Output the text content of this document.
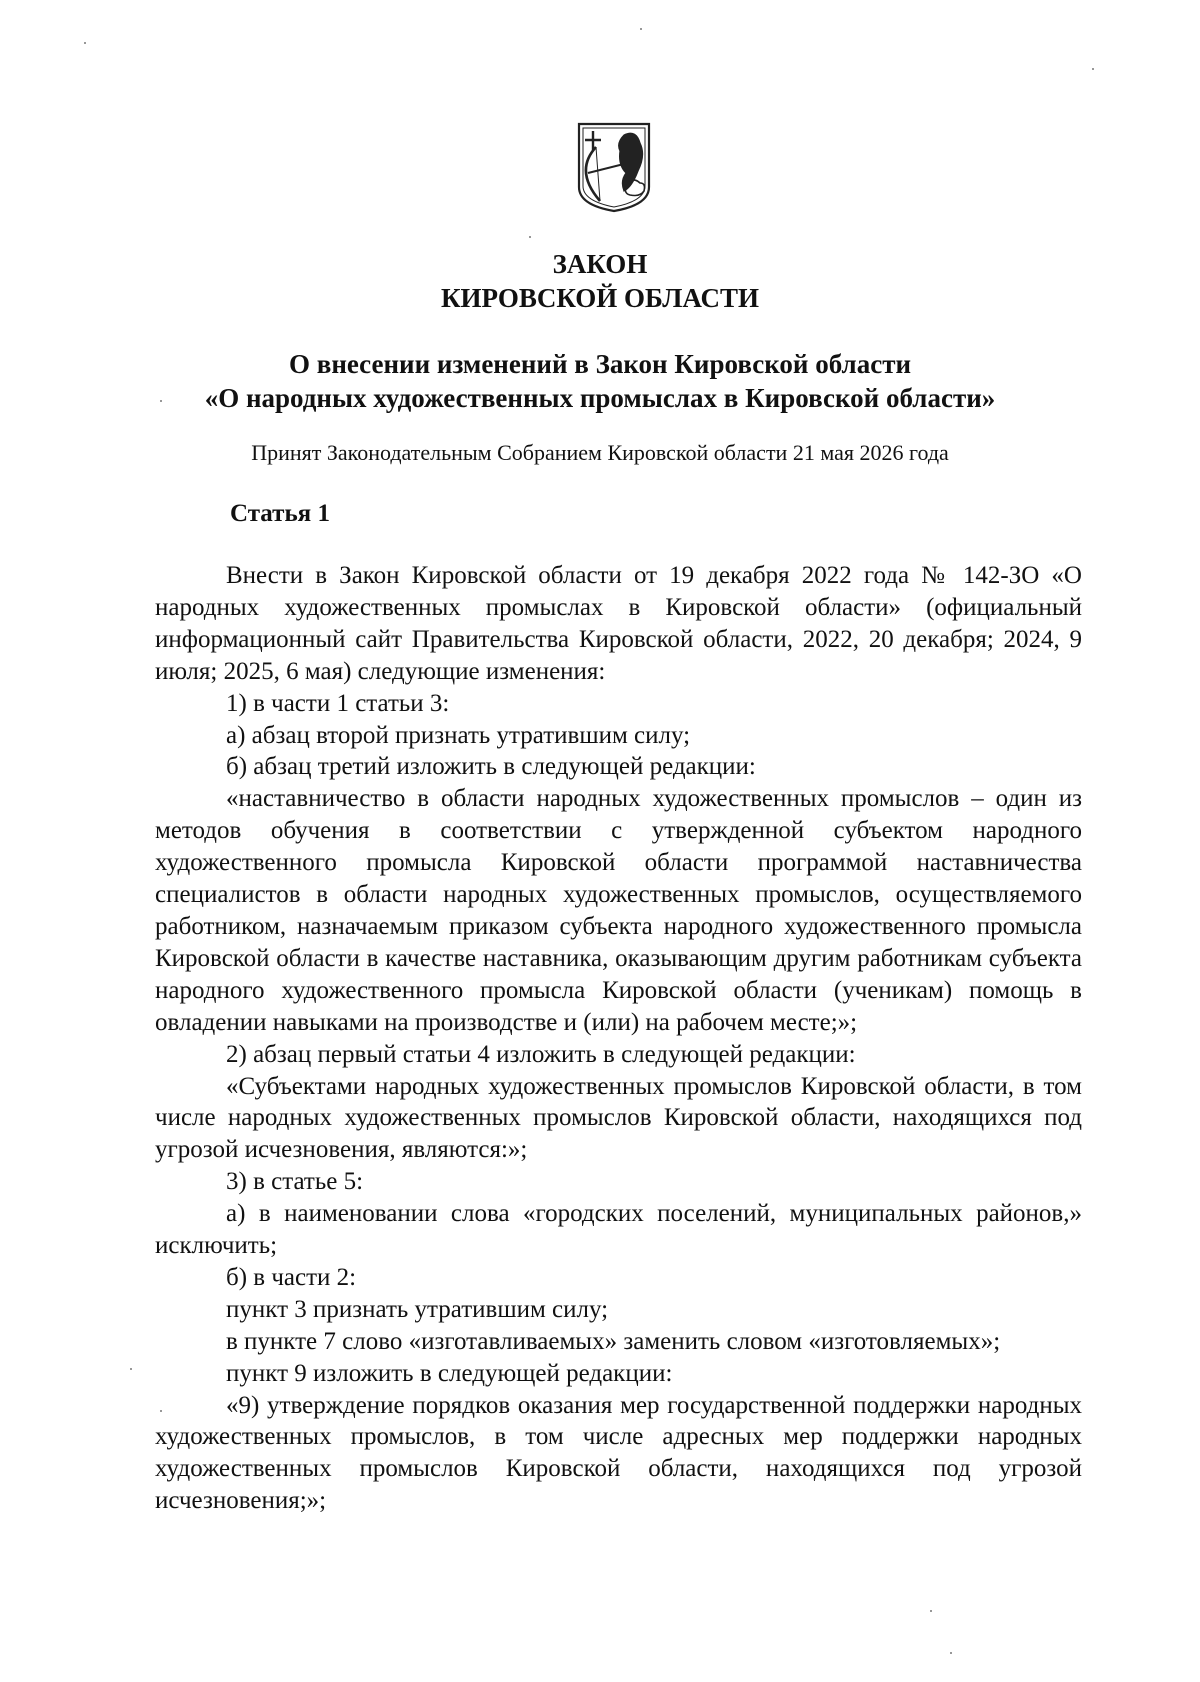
ЗАКОН

КИРОВСКОЙ ОБЛАСТИ

О внесении изменений в Закон Кировской области

«О народных художественных промыслах в Кировской области»

Принят Законодательным Собранием Кировской области 21 мая 2026 года

Статья 1

Внести в Закон Кировской области от 19 декабря 2022 года № 142-ЗО «О народных художественных промыслах в Кировской области» (официальный информационный сайт Правительства Кировской области, 2022, 20 декабря; 2024, 9 июля; 2025, 6 мая) следующие изменения:

1) в части 1 статьи 3:

а) абзац второй признать утратившим силу;

б) абзац третий изложить в следующей редакции:

«наставничество в области народных художественных промыслов – один из методов обучения в соответствии с утвержденной субъектом народного художественного промысла Кировской области программой наставничества специалистов в области народных художественных промыслов, осуществляемого работником, назначаемым приказом субъекта народного художественного промысла Кировской области в качестве наставника, оказывающим другим работникам субъекта народного художественного промысла Кировской области (ученикам) помощь в овладении навыками на производстве и (или) на рабочем месте;»;

2) абзац первый статьи 4 изложить в следующей редакции:

«Субъектами народных художественных промыслов Кировской области, в том числе народных художественных промыслов Кировской области, находящихся под угрозой исчезновения, являются:»;

3) в статье 5:

а) в наименовании слова «городских поселений, муниципальных районов,» исключить;

б) в части 2:

пункт 3 признать утратившим силу;

в пункте 7 слово «изготавливаемых» заменить словом «изготовляемых»;

пункт 9 изложить в следующей редакции:

«9) утверждение порядков оказания мер государственной поддержки народных художественных промыслов, в том числе адресных мер поддержки народных художественных промыслов Кировской области, находящихся под угрозой исчезновения;»;
